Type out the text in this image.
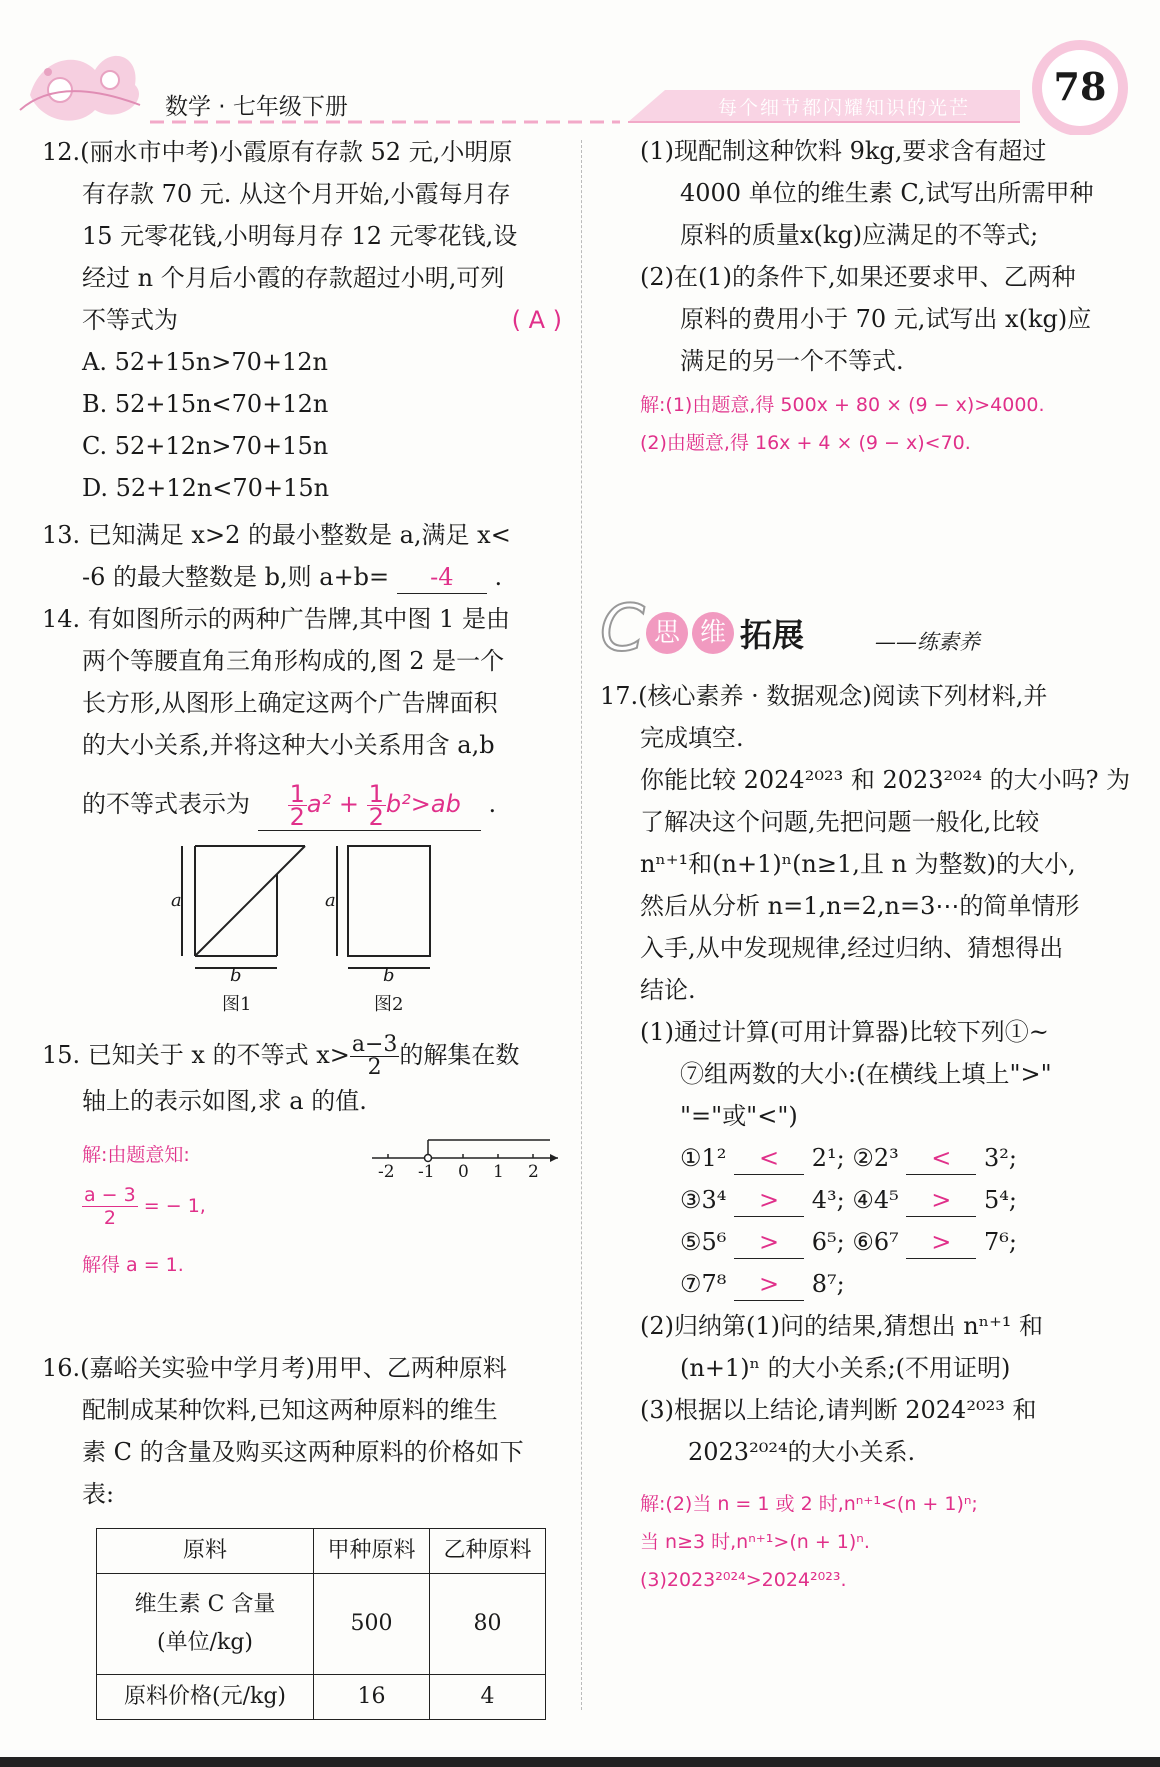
数学 · 七年级下册	每个细节都闪耀知识的光芒	78

12.(丽水市中考)小霞原有存款 52 元,小明原

有存款 70 元. 从这个月开始,小霞每月存

15 元零花钱,小明每月存 12 元零花钱,设

经过 n 个月后小霞的存款超过小明,可列

不等式为	( A )

A. 52+15n>70+12n

B. 52+15n<70+12n

C. 52+12n>70+15n

D. 52+12n<70+15n

13. 已知满足 x>2 的最小整数是 a,满足 x<

-6 的最大整数是 b,则 a+b= -4 .

14. 有如图所示的两种广告牌,其中图 1 是由

两个等腰直角三角形构成的,图 2 是一个

长方形,从图形上确定这两个广告牌面积

的大小关系,并将这种大小关系用含 a,b

的不等式表示为 $\frac{1}{2} a^2 + \frac{1}{2} b^2>ab$ .
a
b
a
b
图1	图2

15. 已知关于 x 的不等式 $x> \frac{a-3}{2}$ 的解集在数

轴上的表示如图,求 a 的值.

-2 -1 0 1 2
解:由题意知:
$\frac{a - 3}{2}$ = − 1,
解得 a = 1.

16.(嘉峪关实验中学月考)用甲、乙两种原料

配制成某种饮料,已知这两种原料的维生

素 C 的含量及购买这两种原料的价格如下

表:

原料	甲种原料	乙种原料
维生素 C 含量
(单位/kg)	500	80
原料价格(元/kg)	16	4

(1)现配制这种饮料 9kg,要求含有超过

4000 单位的维生素 C,试写出所需甲种

原料的质量x(kg)应满足的不等式;

(2)在(1)的条件下,如果还要求甲、乙两种

原料的费用小于 70 元,试写出 x(kg)应

满足的另一个不等式.

解:(1)由题意,得 500x + 80 × (9 − x)>4000.
(2)由题意,得 16x + 4 × (9 − x)<70.
C 思 维 拓展	——练素养

17.(核心素养 · 数据观念)阅读下列材料,并

完成填空.

你能比较 2024²⁰²³ 和 2023²⁰²⁴ 的大小吗? 为

了解决这个问题,先把问题一般化,比较

nⁿ⁺¹和(n+1)ⁿ(n≥1,且 n 为整数)的大小,

然后从分析 n=1,n=2,n=3⋯的简单情形

入手,从中发现规律,经过归纳、猜想得出

结论.

(1)通过计算(可用计算器)比较下列①~

⑦组两数的大小:(在横线上填上">"

"="或"<")

①1² < 2¹; ②2³ < 3²;

③3⁴ > 4³; ④4⁵ > 5⁴;

⑤5⁶ > 6⁵; ⑥6⁷ > 7⁶;

⑦7⁸ > 8⁷;

(2)归纳第(1)问的结果,猜想出 nⁿ⁺¹ 和

(n+1)ⁿ 的大小关系;(不用证明)

(3)根据以上结论,请判断 2024²⁰²³ 和

2023²⁰²⁴的大小关系.

解:(2)当 n = 1 或 2 时,nⁿ⁺¹<(n + 1)ⁿ;
当 n≥3 时,nⁿ⁺¹>(n + 1)ⁿ.
(3)2023²⁰²⁴>2024²⁰²³.
